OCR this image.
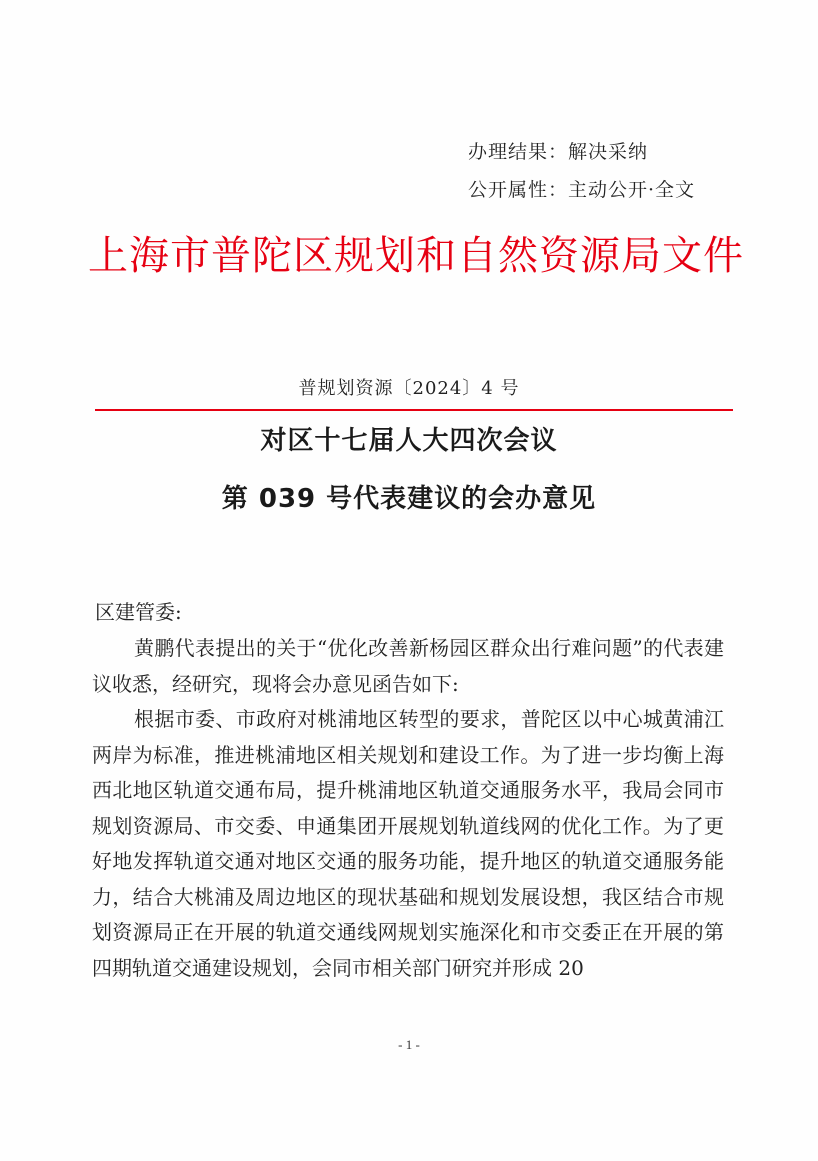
办理结果：解决采纳
公开属性：主动公开·全文
上海市普陀区规划和自然资源局文件
普规划资源〔2024〕4 号
对区十七届人大四次会议
第 039 号代表建议的会办意见
区建管委:

黄鹏代表提出的关于“优化改善新杨园区群众出行难问题”的代表建议收悉，经研究，现将会办意见函告如下:

根据市委、市政府对桃浦地区转型的要求，普陀区以中心城黄浦江两岸为标准，推进桃浦地区相关规划和建设工作。为了进一步均衡上海西北地区轨道交通布局，提升桃浦地区轨道交通服务水平，我局会同市规划资源局、市交委、申通集团开展规划轨道线网的优化工作。为了更好地发挥轨道交通对地区交通的服务功能，提升地区的轨道交通服务能力，结合大桃浦及周边地区的现状基础和规划发展设想，我区结合市规划资源局正在开展的轨道交通线网规划实施深化和市交委正在开展的第四期轨道交通建设规划，会同市相关部门研究并形成 20

- 1 -
